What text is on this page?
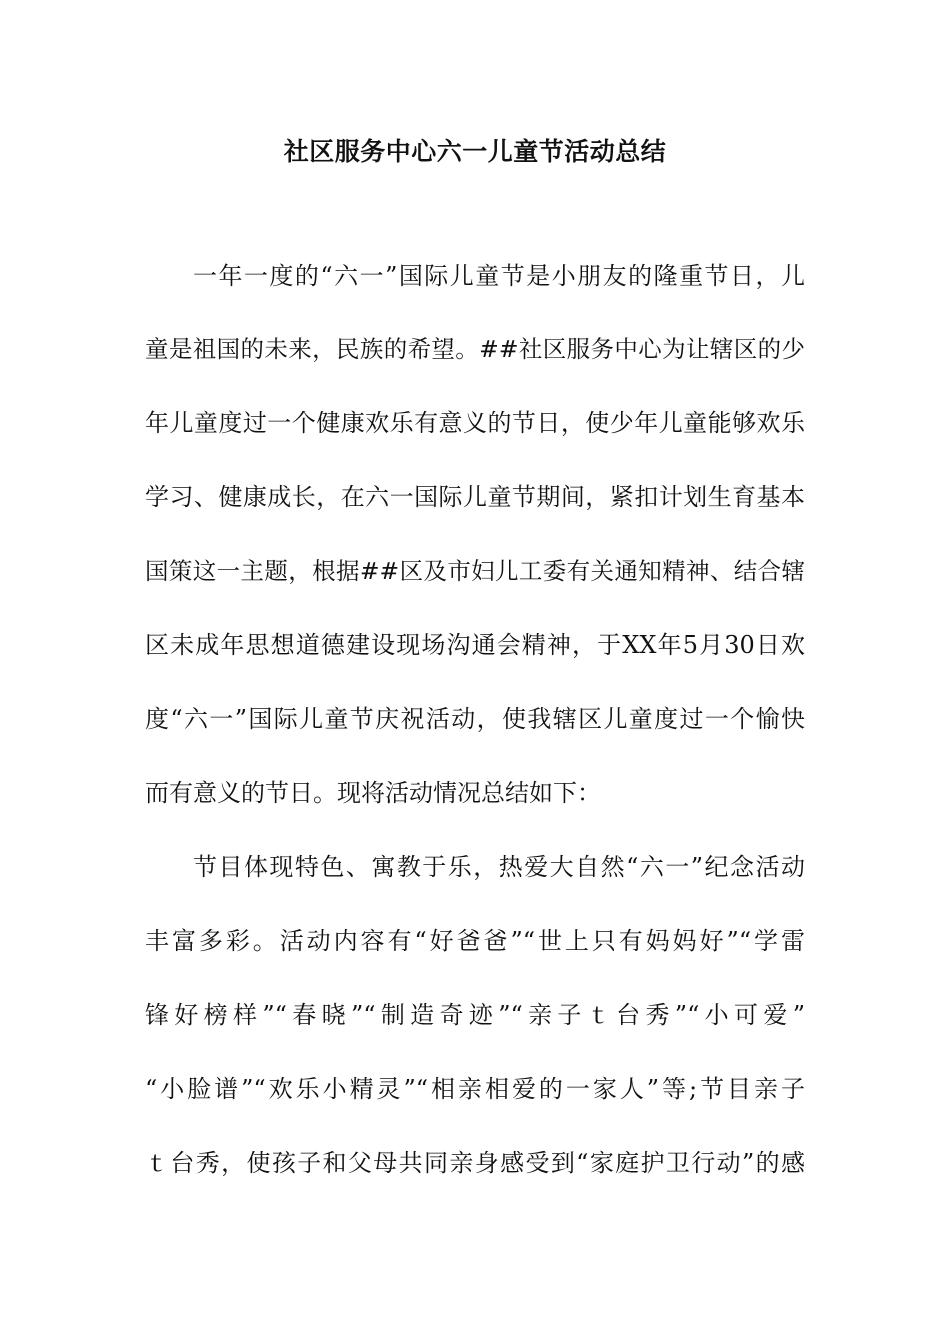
社区服务中心六一儿童节活动总结
一年一度的“六一”国际儿童节是小朋友的隆重节日，儿
童是祖国的未来，民族的希望。##社区服务中心为让辖区的少
年儿童度过一个健康欢乐有意义的节日，使少年儿童能够欢乐
学习、健康成长，在六一国际儿童节期间，紧扣计划生育基本
国策这一主题，根据##区及市妇儿工委有关通知精神、结合辖
区未成年思想道德建设现场沟通会精神，于XX年5月30日欢
度“六一”国际儿童节庆祝活动，使我辖区儿童度过一个愉快
而有意义的节日。现将活动情况总结如下：
节目体现特色、寓教于乐，热爱大自然“六一”纪念活动
丰富多彩。活动内容有“好爸爸”“世上只有妈妈好”“学雷
锋好榜样”“春晓”“制造奇迹”“亲子ｔ台秀”“小可爱”
“小脸谱”“欢乐小精灵”“相亲相爱的一家人”等;节目亲子
ｔ台秀，使孩子和父母共同亲身感受到“家庭护卫行动”的感
